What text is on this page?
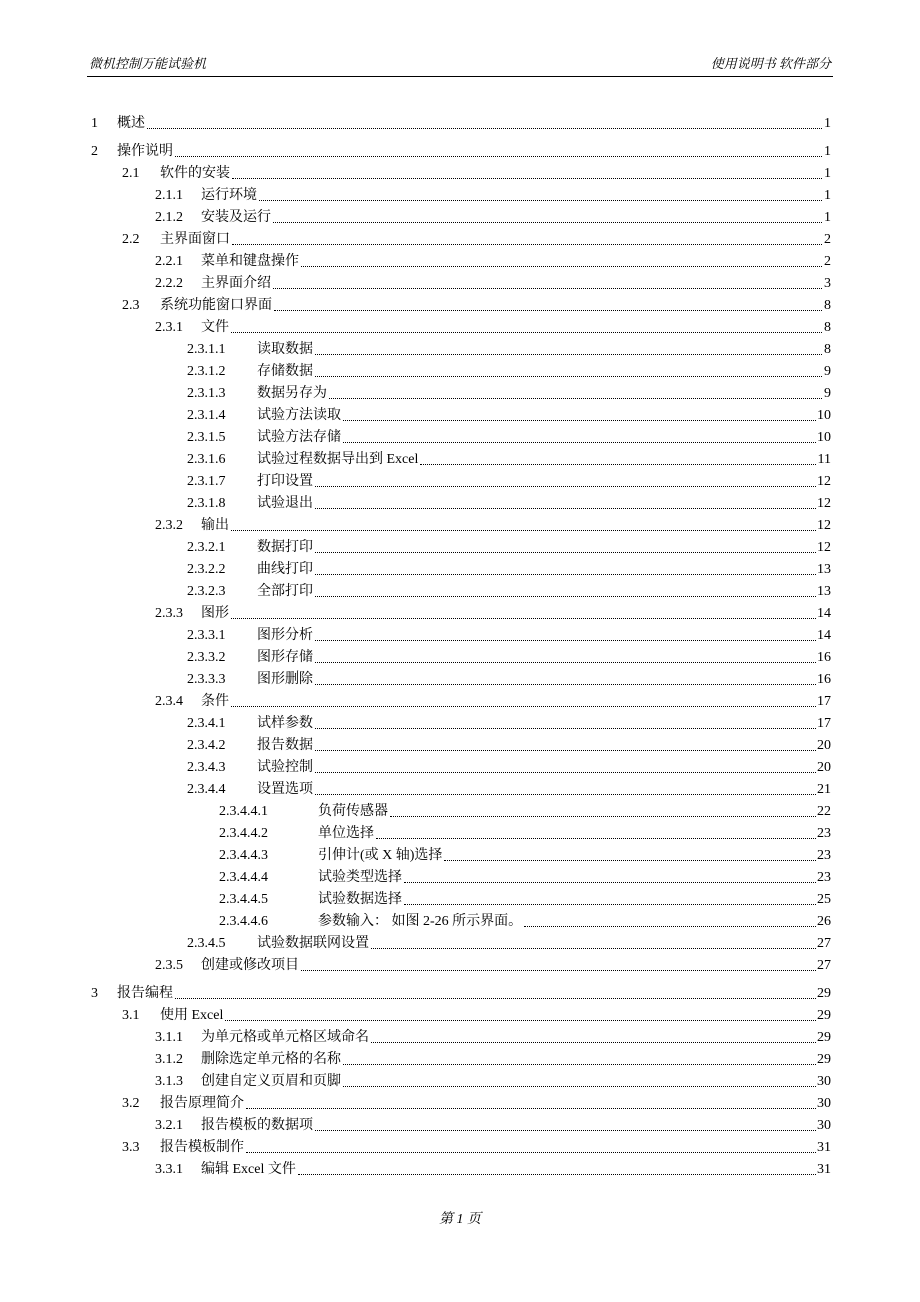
微机控制万能试验机	使用说明书 软件部分
1 概述	1
2 操作说明	1
2.1 软件的安装	1
2.1.1 运行环境	1
2.1.2 安装及运行	1
2.2 主界面窗口	2
2.2.1 菜单和键盘操作	2
2.2.2 主界面介绍	3
2.3 系统功能窗口界面	8
2.3.1 文件	8
2.3.1.1 读取数据	8
2.3.1.2 存储数据	9
2.3.1.3 数据另存为	9
2.3.1.4 试验方法读取	10
2.3.1.5 试验方法存储	10
2.3.1.6 试验过程数据导出到 Excel	11
2.3.1.7 打印设置	12
2.3.1.8 试验退出	12
2.3.2 输出	12
2.3.2.1 数据打印	12
2.3.2.2 曲线打印	13
2.3.2.3 全部打印	13
2.3.3 图形	14
2.3.3.1 图形分析	14
2.3.3.2 图形存储	16
2.3.3.3 图形删除	16
2.3.4 条件	17
2.3.4.1 试样参数	17
2.3.4.2 报告数据	20
2.3.4.3 试验控制	20
2.3.4.4 设置选项	21
2.3.4.4.1	负荷传感器	22
2.3.4.4.2	单位选择	23
2.3.4.4.3	引伸计(或 X 轴)选择	23
2.3.4.4.4	试验类型选择	23
2.3.4.4.5	试验数据选择	25
2.3.4.4.6	参数输入： 如图 2-26 所示界面。	26
2.3.4.5 试验数据联网设置	27
2.3.5 创建或修改项目	27
3 报告编程	29
3.1 使用 Excel	29
3.1.1 为单元格或单元格区域命名	29
3.1.2 删除选定单元格的名称	29
3.1.3 创建自定义页眉和页脚	30
3.2 报告原理简介	30
3.2.1 报告模板的数据项	30
3.3 报告模板制作	31
3.3.1 编辑 Excel 文件	31
第 1 页
